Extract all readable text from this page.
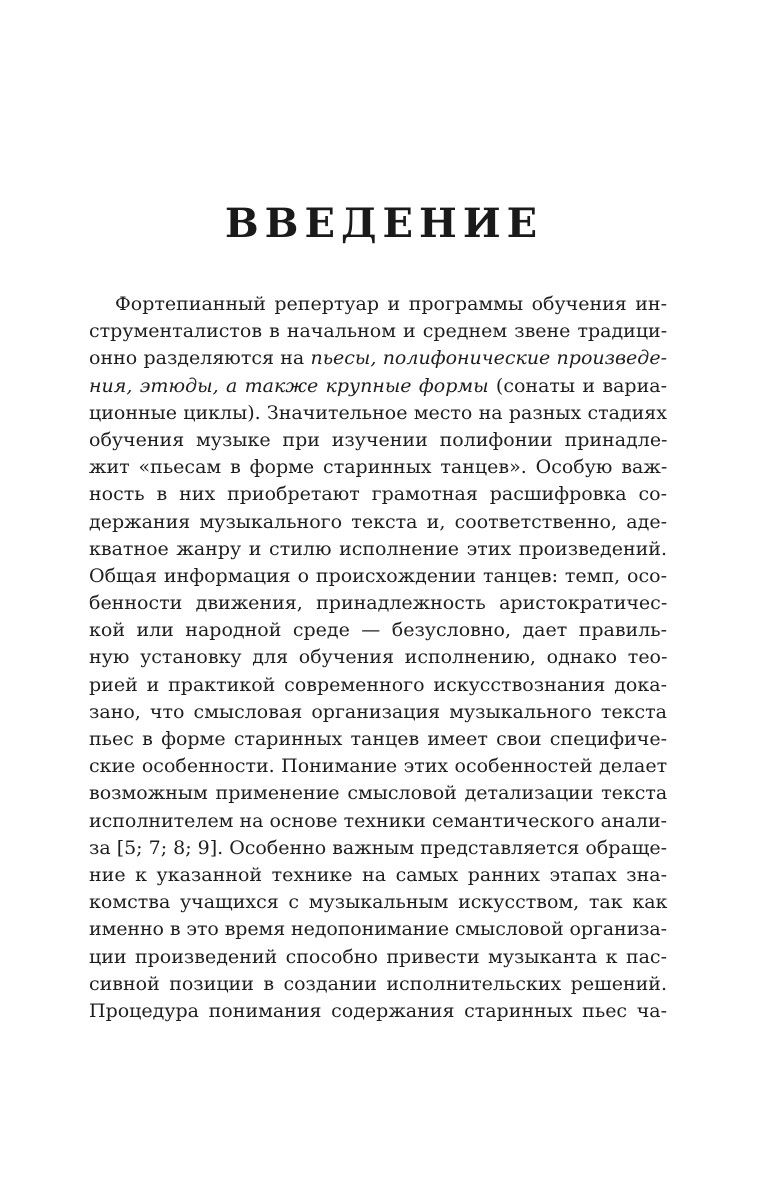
ВВЕДЕНИЕ
Фортепианный репертуар и программы обучения ин-
струменталистов в начальном и среднем звене традици-
онно разделяются на пьесы, полифонические произведе-
ния, этюды, а также крупные формы (сонаты и вариа-
ционные циклы). Значительное место на разных стадиях
обучения музыке при изучении полифонии принадле-
жит «пьесам в форме старинных танцев». Особую важ-
ность в них приобретают грамотная расшифровка со-
держания музыкального текста и, соответственно, аде-
кватное жанру и стилю исполнение этих произведений.
Общая информация о происхождении танцев: темп, осо-
бенности движения, принадлежность аристократичес-
кой или народной среде — безусловно, дает правиль-
ную установку для обучения исполнению, однако тео-
рией и практикой современного искусствознания дока-
зано, что смысловая организация музыкального текста
пьес в форме старинных танцев имеет свои специфиче-
ские особенности. Понимание этих особенностей делает
возможным применение смысловой детализации текста
исполнителем на основе техники семантического анали-
за [5; 7; 8; 9]. Особенно важным представляется обраще-
ние к указанной технике на самых ранних этапах зна-
комства учащихся с музыкальным искусством, так как
именно в это время недопонимание смысловой организа-
ции произведений способно привести музыканта к пас-
сивной позиции в создании исполнительских решений.
Процедура понимания содержания старинных пьес ча-
